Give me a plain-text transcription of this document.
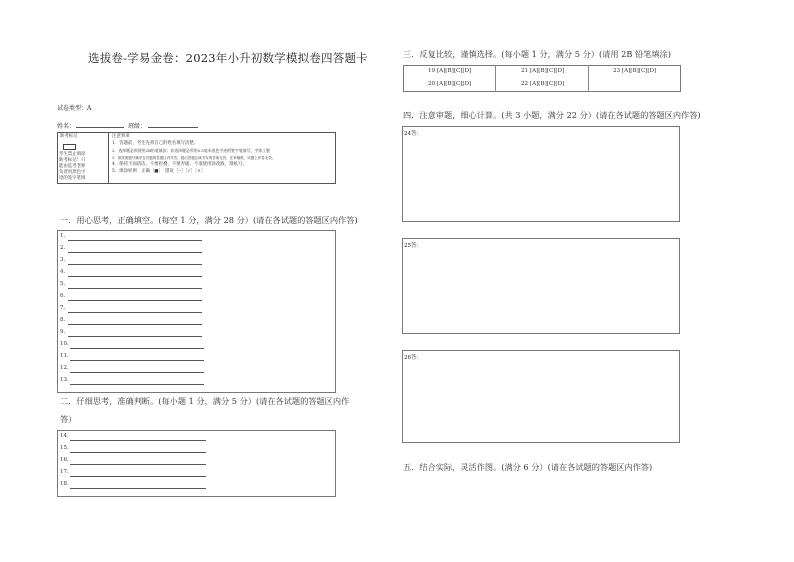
选拔卷-学易金卷：2023年小升初数学模拟卷四答题卡
试卷类型：A
姓名：	班级：
缺考标记
考生禁止填涂
缺考标记！只
能由监考老师
负责用黑色字
迹的签字笔填
注意事项
1．答题前，考生先将自己的姓名填写清楚。
2．选择题必须使用2B铅笔填涂；非选择题必须用0.5毫米黑色字迹的签字笔填写，字体工整
3．请按照题号顺序在各题的答题区内作答，超出答题区域书写的答案无效，在草稿纸、试题上作答无效。
4．保持卡面清洁，不要折叠，不要弄破，不准使用涂改液，刮纸刀。
5．填涂样例　正确［■］　错误［--］［√］［×］
一．用心思考，正确填空。(每空 1 分，满分 28 分）(请在各试题的答题区内作答)
1.
2.
3.
4.
5.
6.
7.
8.
9.
10.
11.
12.
13.
二．仔细思考，准确判断。(每小题 1 分，满分 5 分）(请在各试题的答题区内作
答）
14.
15.
16.
17.
18.
三．反复比较，谨慎选择。(每小题 1 分，满分 5 分）(请用 2B 铅笔填涂)
19 [A][B][C][D]	21 [A][B][C][D]	23 [A][B][C][D]
20 [A][B][C][D]	22 [A][B][C][D]
四．注意审题，细心计算。(共 3 小题，满分 22 分）(请在各试题的答题区内作答)
24答：
25答：
26答：
五．结合实际，灵活作图。(满分 6 分）(请在各试题的答题区内作答)
